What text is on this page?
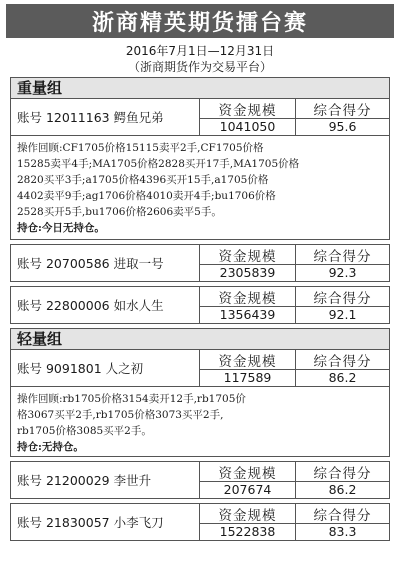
浙商精英期货擂台赛
2016年7月1日—12月31日
（浙商期货作为交易平台）
重量组
账号 12011163 鳄鱼兄弟	资金规模	综合得分
1041050	95.6
操作回顾:CF1705价格15115卖平2手,CF1705价格
15285卖平4手;MA1705价格2828买开17手,MA1705价格
2820买平3手;a1705价格4396买开15手,a1705价格
4402卖平9手;ag1706价格4010卖开4手;bu1706价格
2528买开5手,bu1706价格2606卖平5手。
持仓:今日无持仓。
账号 20700586 进取一号	资金规模	综合得分
2305839	92.3
账号 22800006 如水人生	资金规模	综合得分
1356439	92.1
轻量组
账号 9091801 人之初	资金规模	综合得分
117589	86.2
操作回顾:rb1705价格3154卖开12手,rb1705价
格3067买平2手,rb1705价格3073买平2手,
rb1705价格3085买平2手。
持仓:无持仓。
账号 21200029 李世升	资金规模	综合得分
207674	86.2
账号 21830057 小李飞刀	资金规模	综合得分
1522838	83.3
